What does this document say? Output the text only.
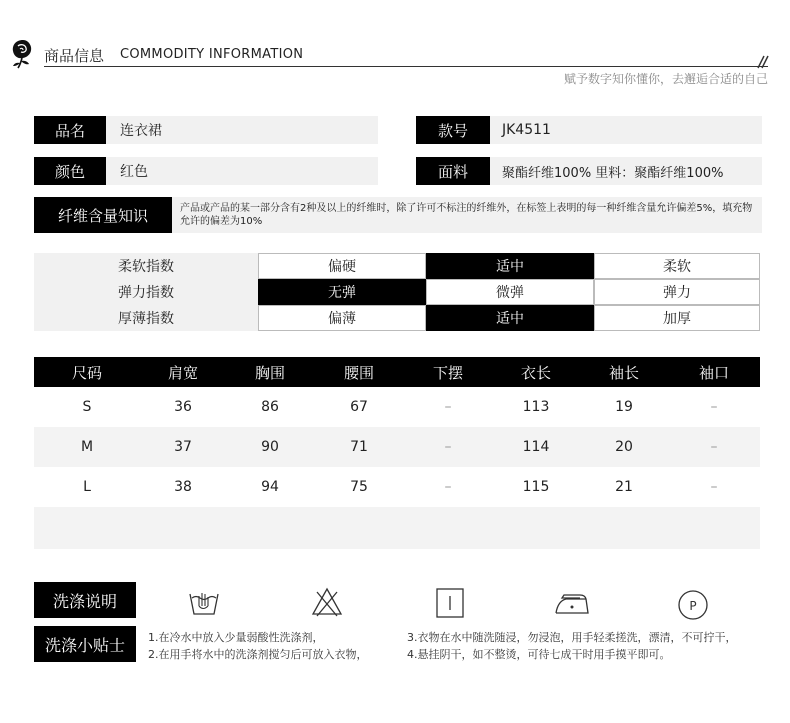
商品信息 COMMODITY INFORMATION
赋予数字知你懂你，去邂逅合适的自己
品名	连衣裙	款号	JK4511
颜色	红色	面料	聚酯纤维100% 里料：聚酯纤维100%
纤维含量知识	产品或产品的某一部分含有2种及以上的纤维时，除了许可不标注的纤维外，在标签上表明的每一种纤维含量允许偏差5%，填充物允许的偏差为10%
柔软指数	偏硬	适中	柔软
弹力指数	无弹	微弹	弹力
厚薄指数	偏薄	适中	加厚
尺码	肩宽	胸围	腰围	下摆	衣长	袖长	袖口
S	36	86	67	–	113	19	–
M	37	90	71	–	114	20	–
L	38	94	75	–	115	21	–
洗涤说明
洗涤小贴士
P
1.在冷水中放入少量弱酸性洗涤剂，
2.在用手将水中的洗涤剂搅匀后可放入衣物，
3.衣物在水中随洗随浸，勿浸泡，用手轻柔搓洗，漂清，不可拧干，
4.悬挂阴干，如不整烫，可待七成干时用手摸平即可。
